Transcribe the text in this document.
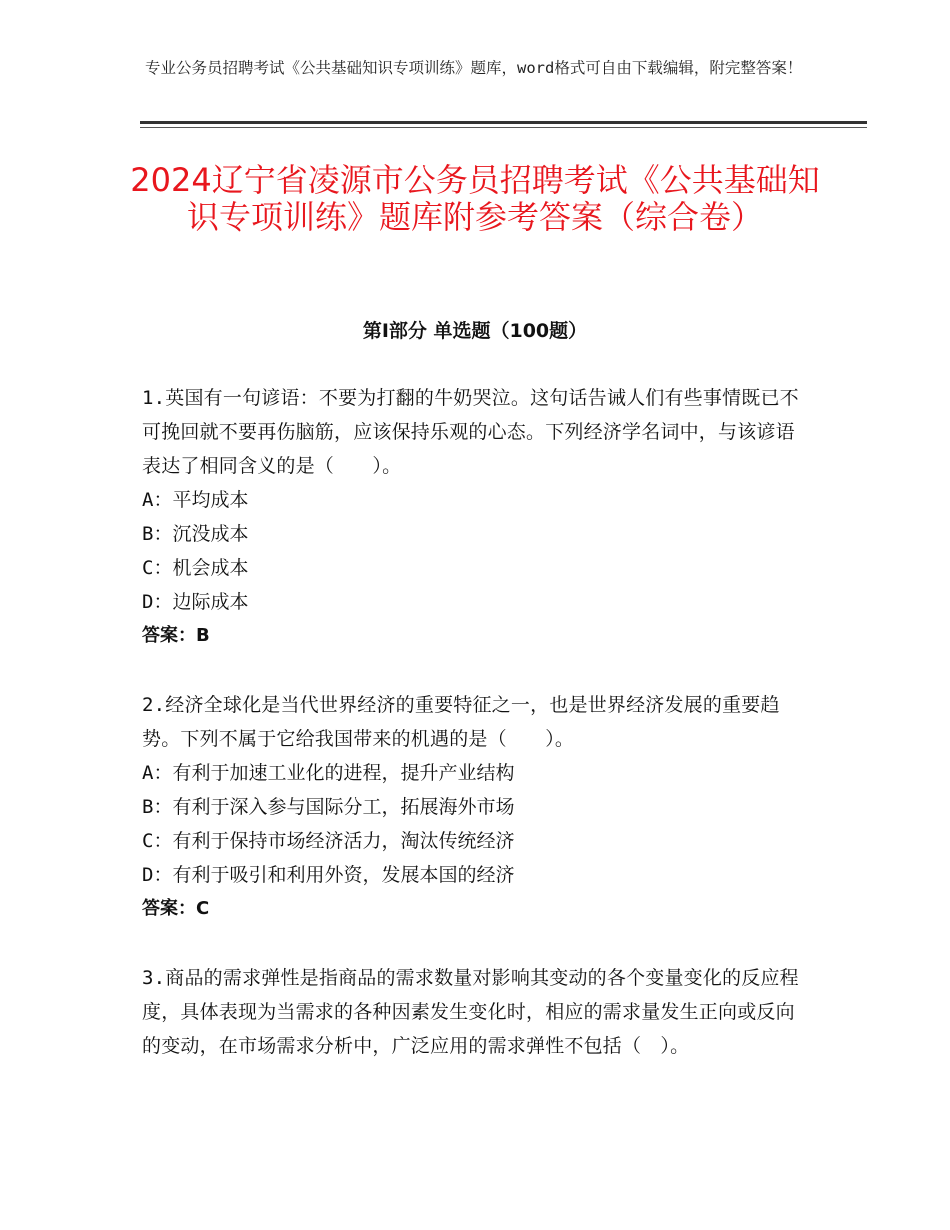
专业公务员招聘考试《公共基础知识专项训练》题库，word格式可自由下载编辑，附完整答案！
2024辽宁省凌源市公务员招聘考试《公共基础知识专项训练》题库附参考答案（综合卷）
第I部分 单选题（100题）

1.英国有一句谚语：不要为打翻的牛奶哭泣。这句话告诫人们有些事情既已不可挽回就不要再伤脑筋，应该保持乐观的心态。下列经济学名词中，与该谚语表达了相同含义的是（　　）。

A：平均成本

B：沉没成本

C：机会成本

D：边际成本

答案：B

2.经济全球化是当代世界经济的重要特征之一，也是世界经济发展的重要趋势。下列不属于它给我国带来的机遇的是（　　）。

A：有利于加速工业化的进程，提升产业结构

B：有利于深入参与国际分工，拓展海外市场

C：有利于保持市场经济活力，淘汰传统经济

D：有利于吸引和利用外资，发展本国的经济

答案：C

3.商品的需求弹性是指商品的需求数量对影响其变动的各个变量变化的反应程度，具体表现为当需求的各种因素发生变化时，相应的需求量发生正向或反向的变动，在市场需求分析中，广泛应用的需求弹性不包括（　）。
